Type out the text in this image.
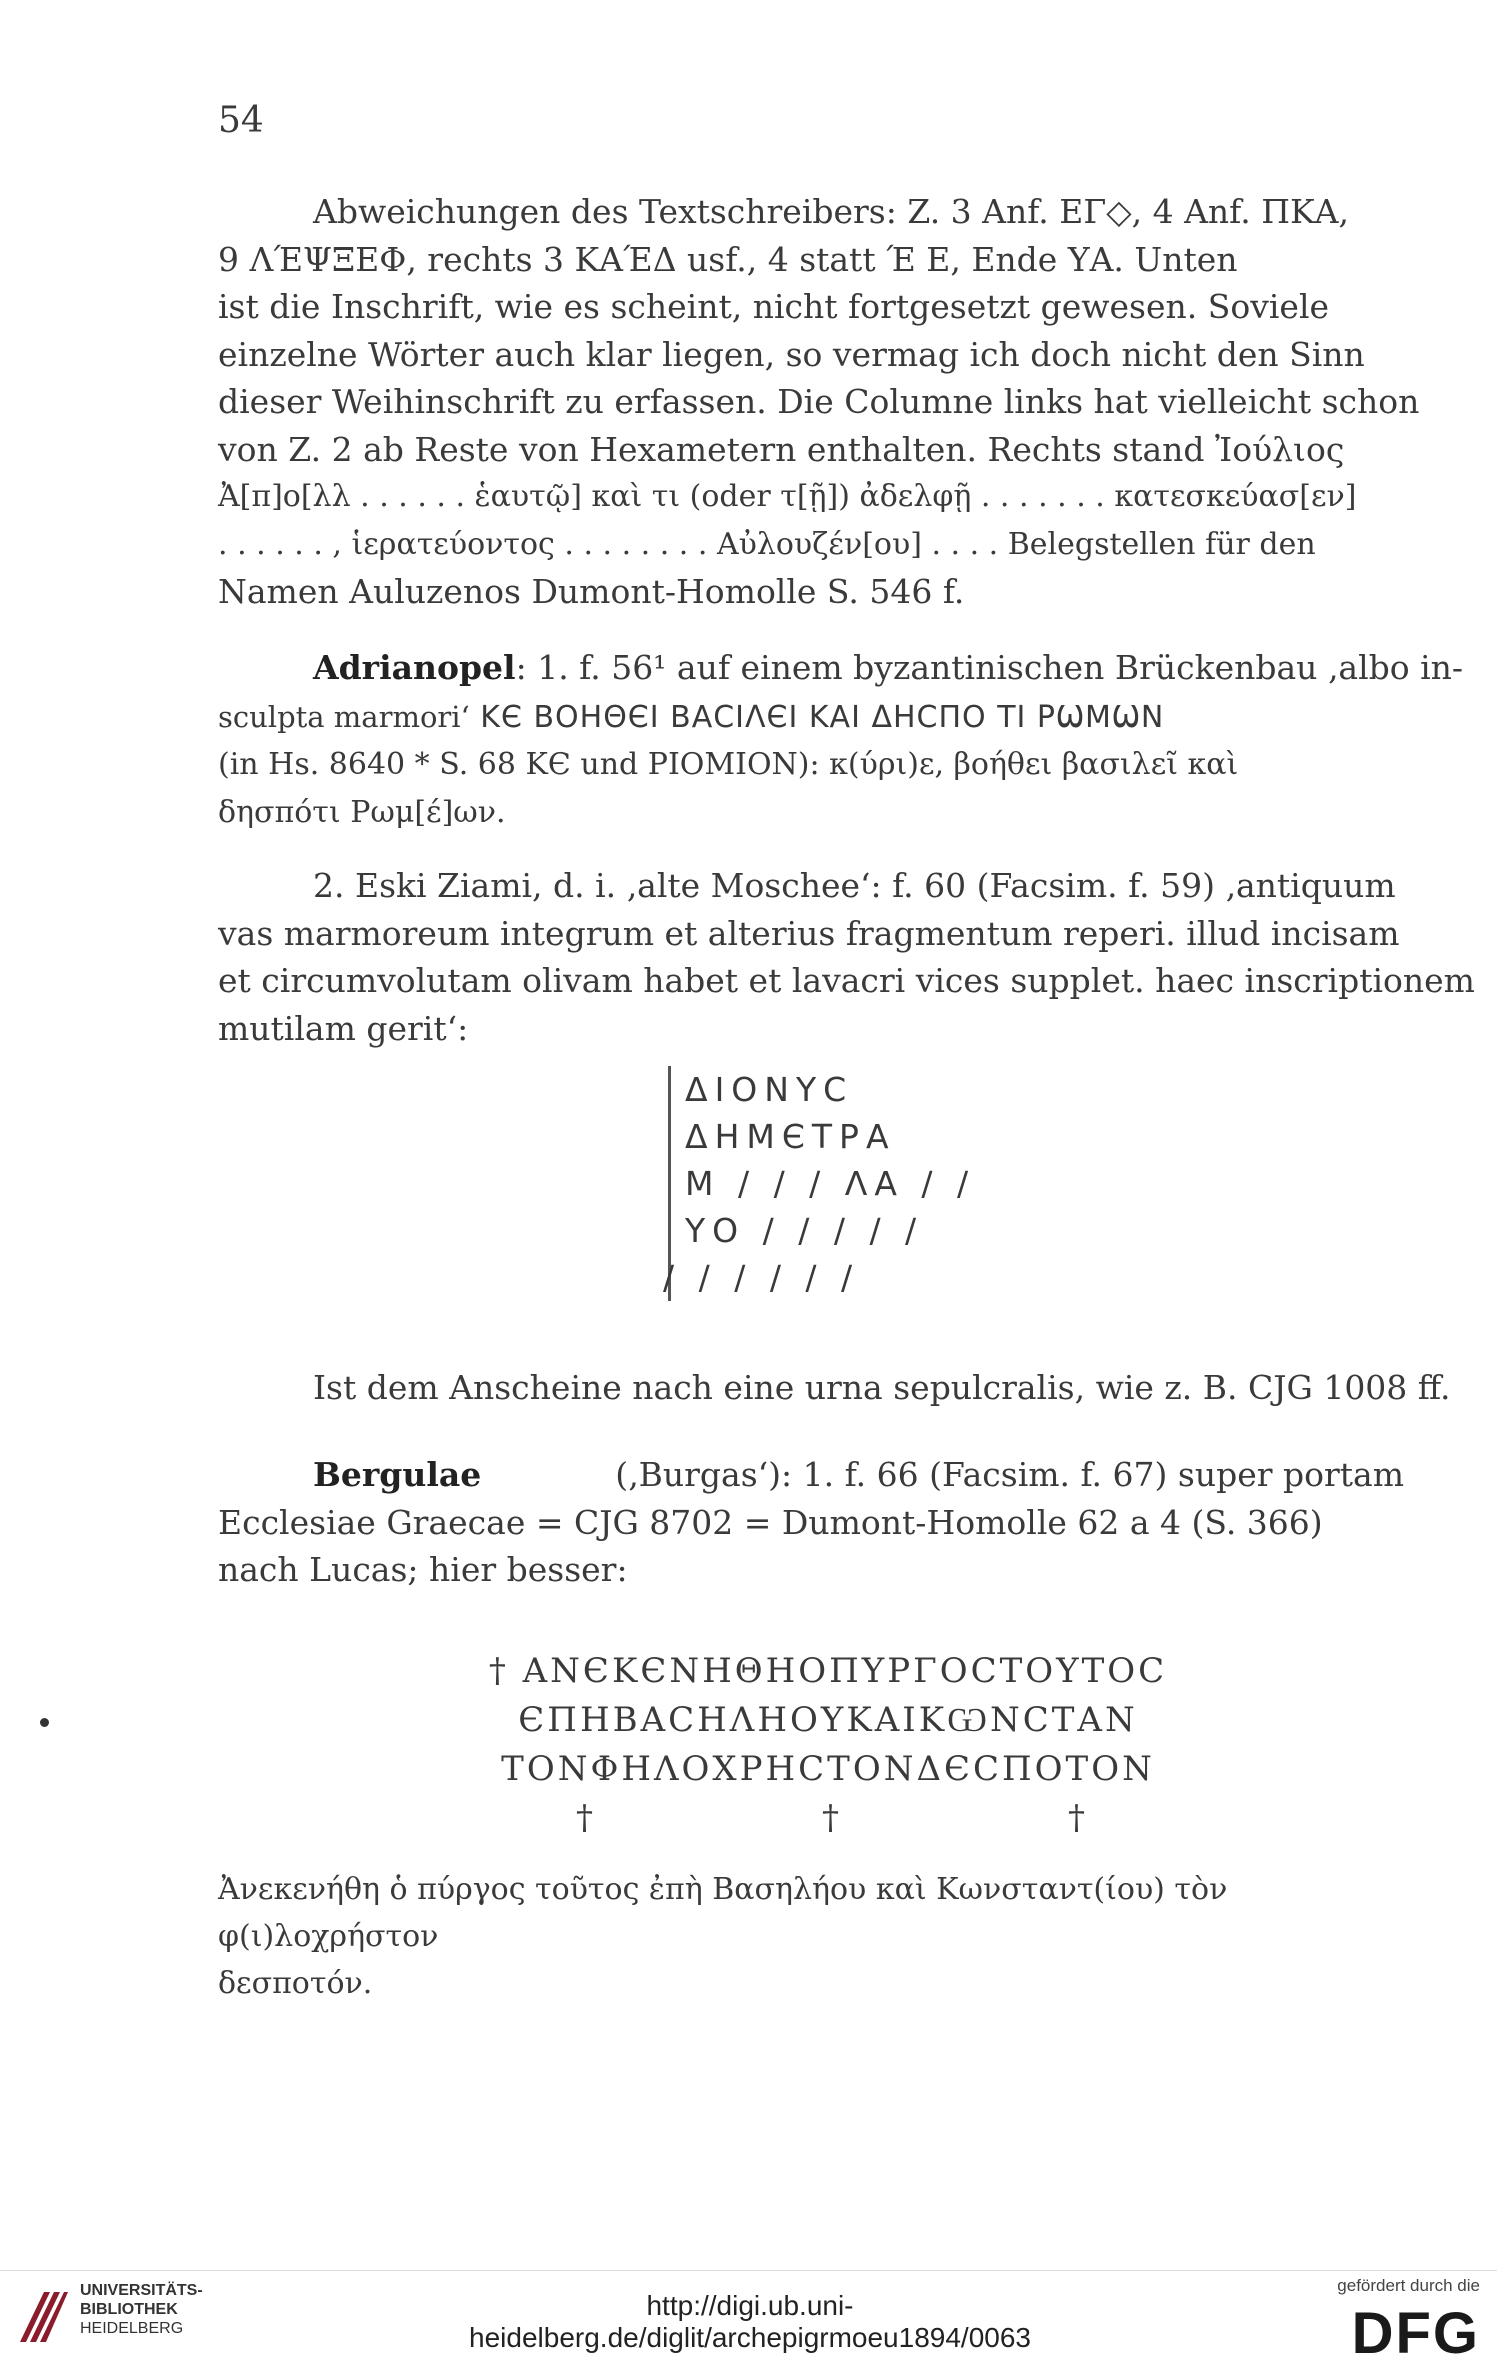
54
Abweichungen des Textschreibers: Z. 3 Anf. ΕΓ◇, 4 Anf. ΠΚΑ,
9 ΛΈΨΞΕΦ, rechts 3 ΚΑΈΔ usf., 4 statt Έ Ε, Ende ΥΑ. Unten
ist die Inschrift, wie es scheint, nicht fortgesetzt gewesen. Soviele
einzelne Wörter auch klar liegen, so vermag ich doch nicht den Sinn
dieser Weihinschrift zu erfassen. Die Columne links hat vielleicht schon
von Z. 2 ab Reste von Hexametern enthalten. Rechts stand Ἰούλιος
Ἀ[π]ο[λλ . . . . . . ἑαυτῷ] καὶ τι (oder τ[ῇ]) ἀδελφῇ . . . . . . . κατεσκεύασ[εν]
. . . . . . , ἱερατεύοντος . . . . . . . . Αὐλουζέν[ου] . . . . Belegstellen für den
Namen Auluzenos Dumont-Homolle S. 546 f.
Adrianopel: 1. f. 56¹ auf einem byzantinischen Brückenbau ‚albo in-
sculpta marmori‘ ΚЄ ΒΟΗΘЄΙ ΒΑCΙΛЄΙ ΚΑΙ ΔΗCΠΟ ΤΙ ΡѠΜѠΝ
(in Hs. 8640 * S. 68 ΚЄ und ΡΙΟΜΙΟΝ): κ(ύρι)ε, βοήθει βασιλεῖ καὶ
δησπότι Ρωμ[έ]ων.
2. Eski Ziami, d. i. ‚alte Moschee‘: f. 60 (Facsim. f. 59) ‚antiquum
vas marmoreum integrum et alterius fragmentum reperi. illud incisam
et circumvolutam olivam habet et lavacri vices supplet. haec inscriptionem
mutilam gerit‘:
ΔΙΟΝΥC
ΔΗΜЄΤΡΑ
Μ / / / ΛΑ / /
ΥΟ / / / / /
/ / / / / /
Ist dem Anscheine nach eine urna sepulcralis, wie z. B. CJG 1008 ff.
Bergulae	(‚Burgas‘): 1. f. 66 (Facsim. f. 67) super portam
Ecclesiae Graecae = CJG 8702 = Dumont-Homolle 62 a 4 (S. 366)
nach Lucas; hier besser:
† ΑΝЄΚЄΝΗΘΗΟΠΥΡΓΟCΤΟΥΤΟC
ЄΠΗΒΑCΗΛΗΟΥΚΑΙΚѠΝCΤΑΝ
ΤΟΝΦΗΛΟΧΡΗCΤΟΝΔЄCΠΟΤΟΝ
†	†	†
Ἀνεκενήθη ὁ πύργος τοῦτος ἐπὴ Βασηλήου καὶ Κωνσταντ(ίου) τὸν φ(ι)λοχρήστον
δεσποτόν.
UNIVERSITÄTS-
BIBLIOTHEK
HEIDELBERG
http://digi.ub.uni-heidelberg.de/diglit/archepigrmoeu1894/0063
gefördert durch die
DFG
